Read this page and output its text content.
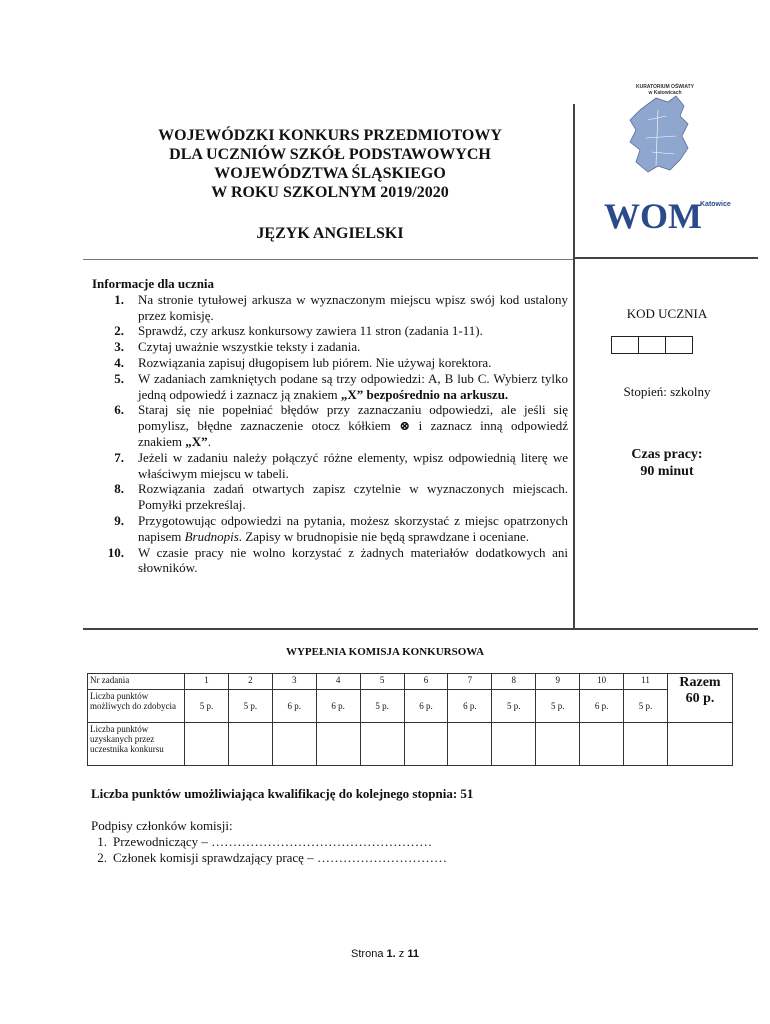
WOJEWÓDZKI KONKURS PRZEDMIOTOWY
DLA UCZNIÓW SZKÓŁ PODSTAWOWYCH
WOJEWÓDZTWA ŚLĄSKIEGO
W ROKU SZKOLNYM 2019/2020
JĘZYK ANGIELSKI
KURATORIUM OŚWIATY
w Katowicach
WOM
Katowice
Informacje dla ucznia
1. Na stronie tytułowej arkusza w wyznaczonym miejscu wpisz swój kod ustalony przez komisję.
2. Sprawdź, czy arkusz konkursowy zawiera 11 stron (zadania 1-11).
3. Czytaj uważnie wszystkie teksty i zadania.
4. Rozwiązania zapisuj długopisem lub piórem. Nie używaj korektora.
5. W zadaniach zamkniętych podane są trzy odpowiedzi: A, B lub C. Wybierz tylko jedną odpowiedź i zaznacz ją znakiem „X” bezpośrednio na arkuszu.
6. Staraj się nie popełniać błędów przy zaznaczaniu odpowiedzi, ale jeśli się pomylisz, błędne zaznaczenie otocz kółkiem ⊗ i zaznacz inną odpowiedź znakiem „X”.
7. Jeżeli w zadaniu należy połączyć różne elementy, wpisz odpowiednią literę we właściwym miejscu w tabeli.
8. Rozwiązania zadań otwartych zapisz czytelnie w wyznaczonych miejscach. Pomyłki przekreślaj.
9. Przygotowując odpowiedzi na pytania, możesz skorzystać z miejsc opatrzonych napisem Brudnopis. Zapisy w brudnopisie nie będą sprawdzane i oceniane.
10. W czasie pracy nie wolno korzystać z żadnych materiałów dodatkowych ani słowników.
KOD UCZNIA
Stopień: szkolny
Czas pracy:
90 minut
WYPEŁNIA KOMISJA KONKURSOWA
Nr zadania	1	2	3	4	5	6	7	8	9	10	11	Razem
60 p.

Liczba punktów możliwych do zdobycia	5 p.	5 p.	6 p.	6 p.	5 p.	6 p.	6 p.	5 p.	5 p.	6 p.	5 p.	
Liczba punktów uzyskanych przez uczestnika konkursu												
Liczba punktów umożliwiająca kwalifikację do kolejnego stopnia: 51
Podpisy członków komisji:
1. Przewodniczący – ……………………………………………
2. Członek komisji sprawdzający pracę – …………………………
Strona 1. z 11
